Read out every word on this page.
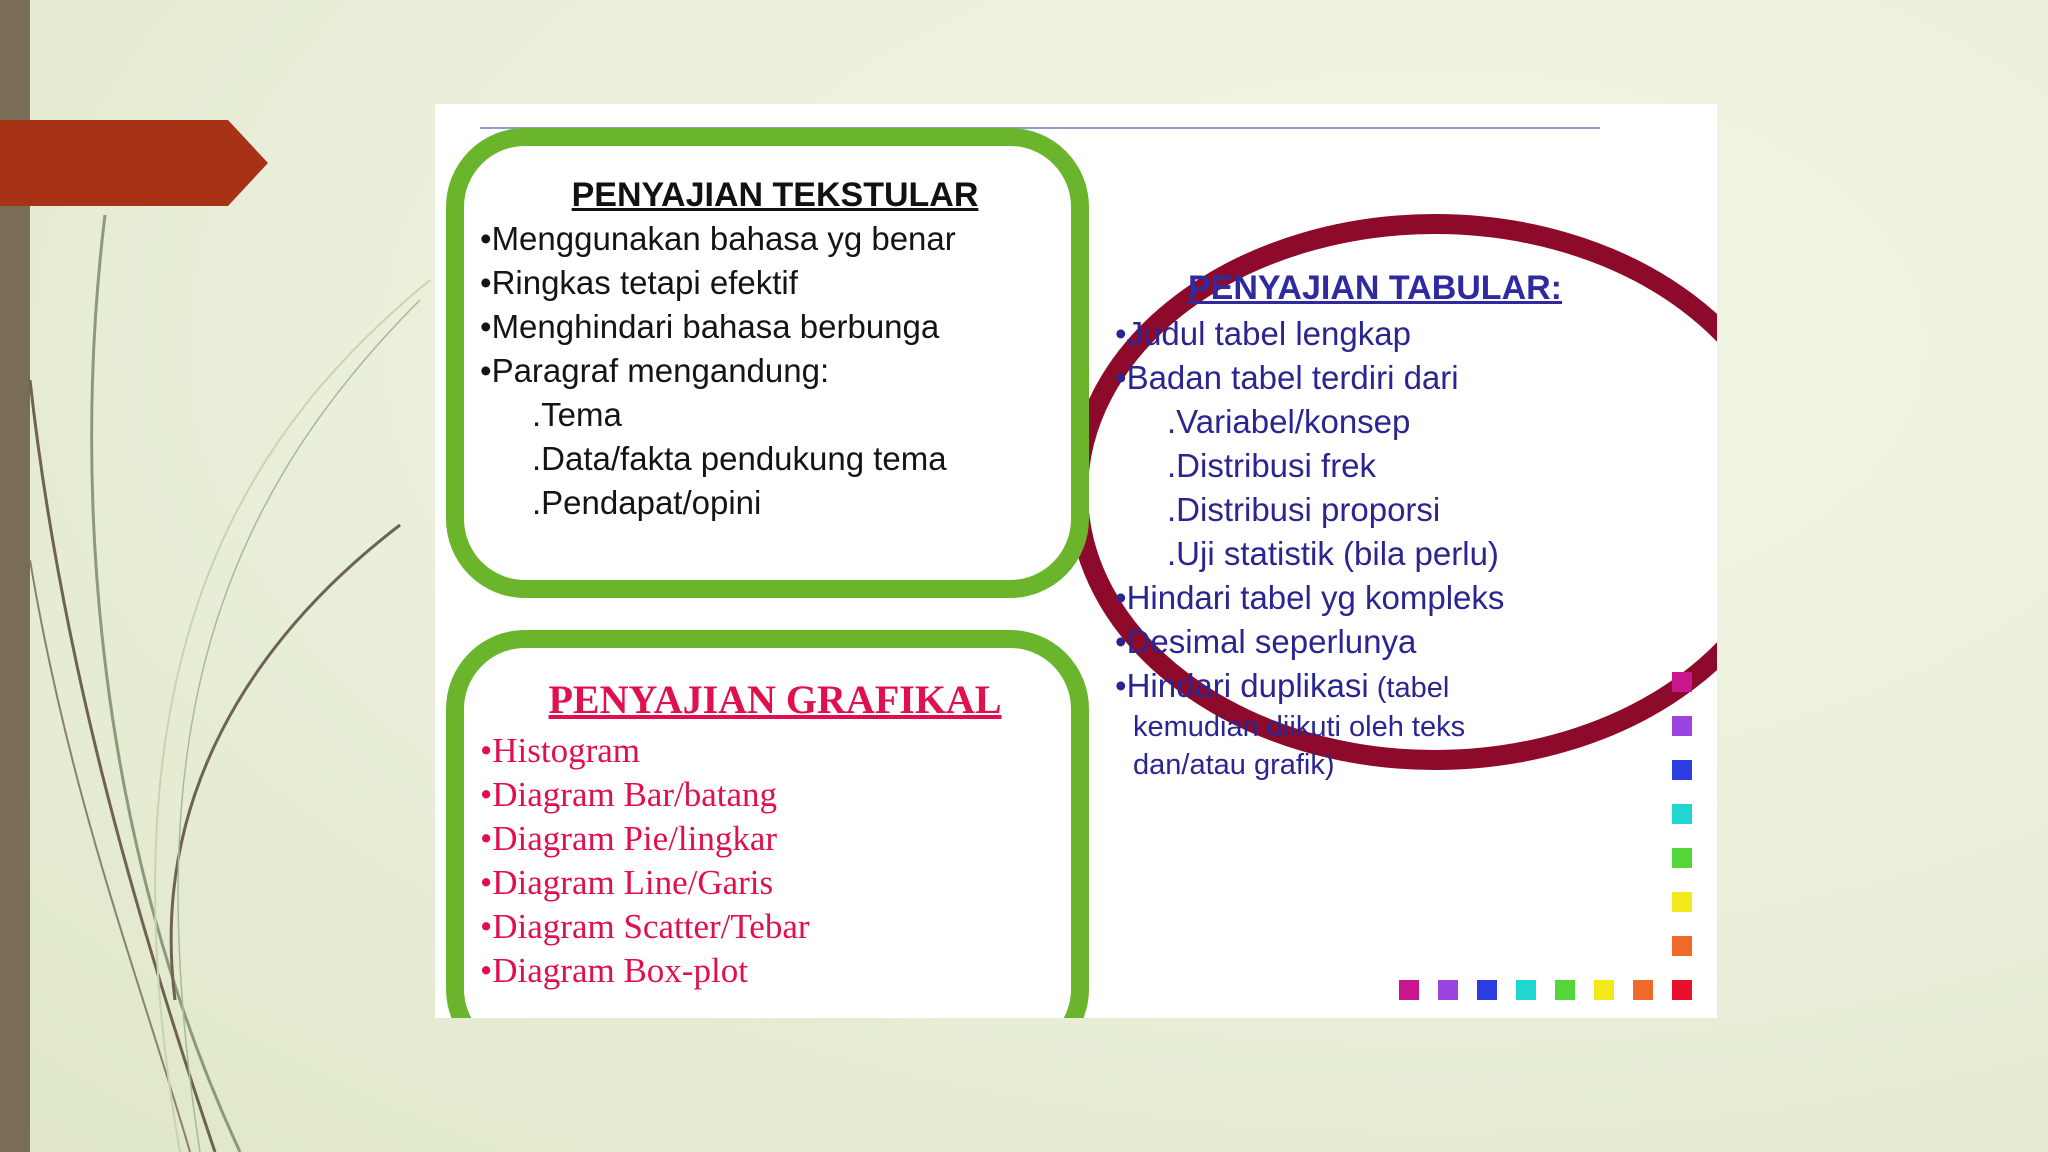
PENYAJIAN TEKSTULAR
• Menggunakan bahasa yg benar
• Ringkas tetapi efektif
• Menghindari bahasa berbunga
• Paragraf mengandung:
.Tema
.Data/fakta pendukung tema
.Pendapat/opini
PENYAJIAN TABULAR:
• Judul tabel lengkap
• Badan tabel terdiri dari
.Variabel/konsep
.Distribusi frek
.Distribusi proporsi
.Uji statistik (bila perlu)
• Hindari tabel yg kompleks
• Desimal seperlunya
• Hindari duplikasi (tabel
kemudian diikuti oleh teks
dan/atau grafik)
PENYAJIAN GRAFIKAL
• Histogram
• Diagram Bar/batang
• Diagram Pie/lingkar
• Diagram Line/Garis
• Diagram Scatter/Tebar
• Diagram Box-plot
